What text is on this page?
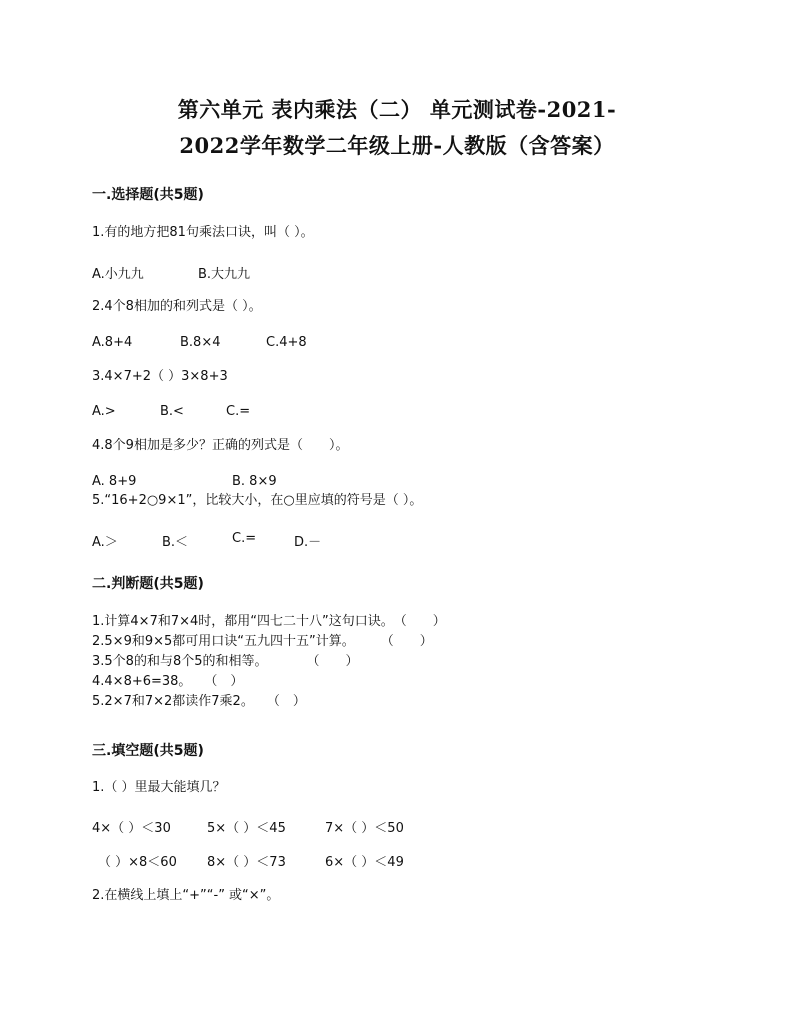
第六单元 表内乘法（二） 单元测试卷-2021-
2022学年数学二年级上册-人教版（含答案）
一.选择题(共5题)
1.有的地方把81句乘法口诀，叫（ ）。
A.小九九	B.大九九
2.4个8相加的和列式是（ ）。
A.8+4	B.8×4	C.4+8
3.4×7+2（ ）3×8+3
A.>	B.<	C.=
4.8个9相加是多少？正确的列式是（　　）。
A. 8+9	B. 8×9
5.“16+2○9×1”，比较大小，在○里应填的符号是（ ）。
A.＞	B.＜	C.=	D.－
二.判断题(共5题)
1.计算4×7和7×4时，都用“四七二十八”这句口诀。　（　　）
2.5×9和9×5都可用口诀“五九四十五”计算。　　　（　　）
3.5个8的和与8个5的和相等。　　　　（　　）
4.4×8+6=38。　　（　）
5.2×7和7×2都读作7乘2。　　（　）
三.填空题(共5题)
1.（ ）里最大能填几？
4×（ ）＜30	5×（ ）＜45	7×（ ）＜50
（ ）×8＜60 8×（ ）＜73	6×（ ）＜49
2.在横线上填上“+”“-” 或“×”。
